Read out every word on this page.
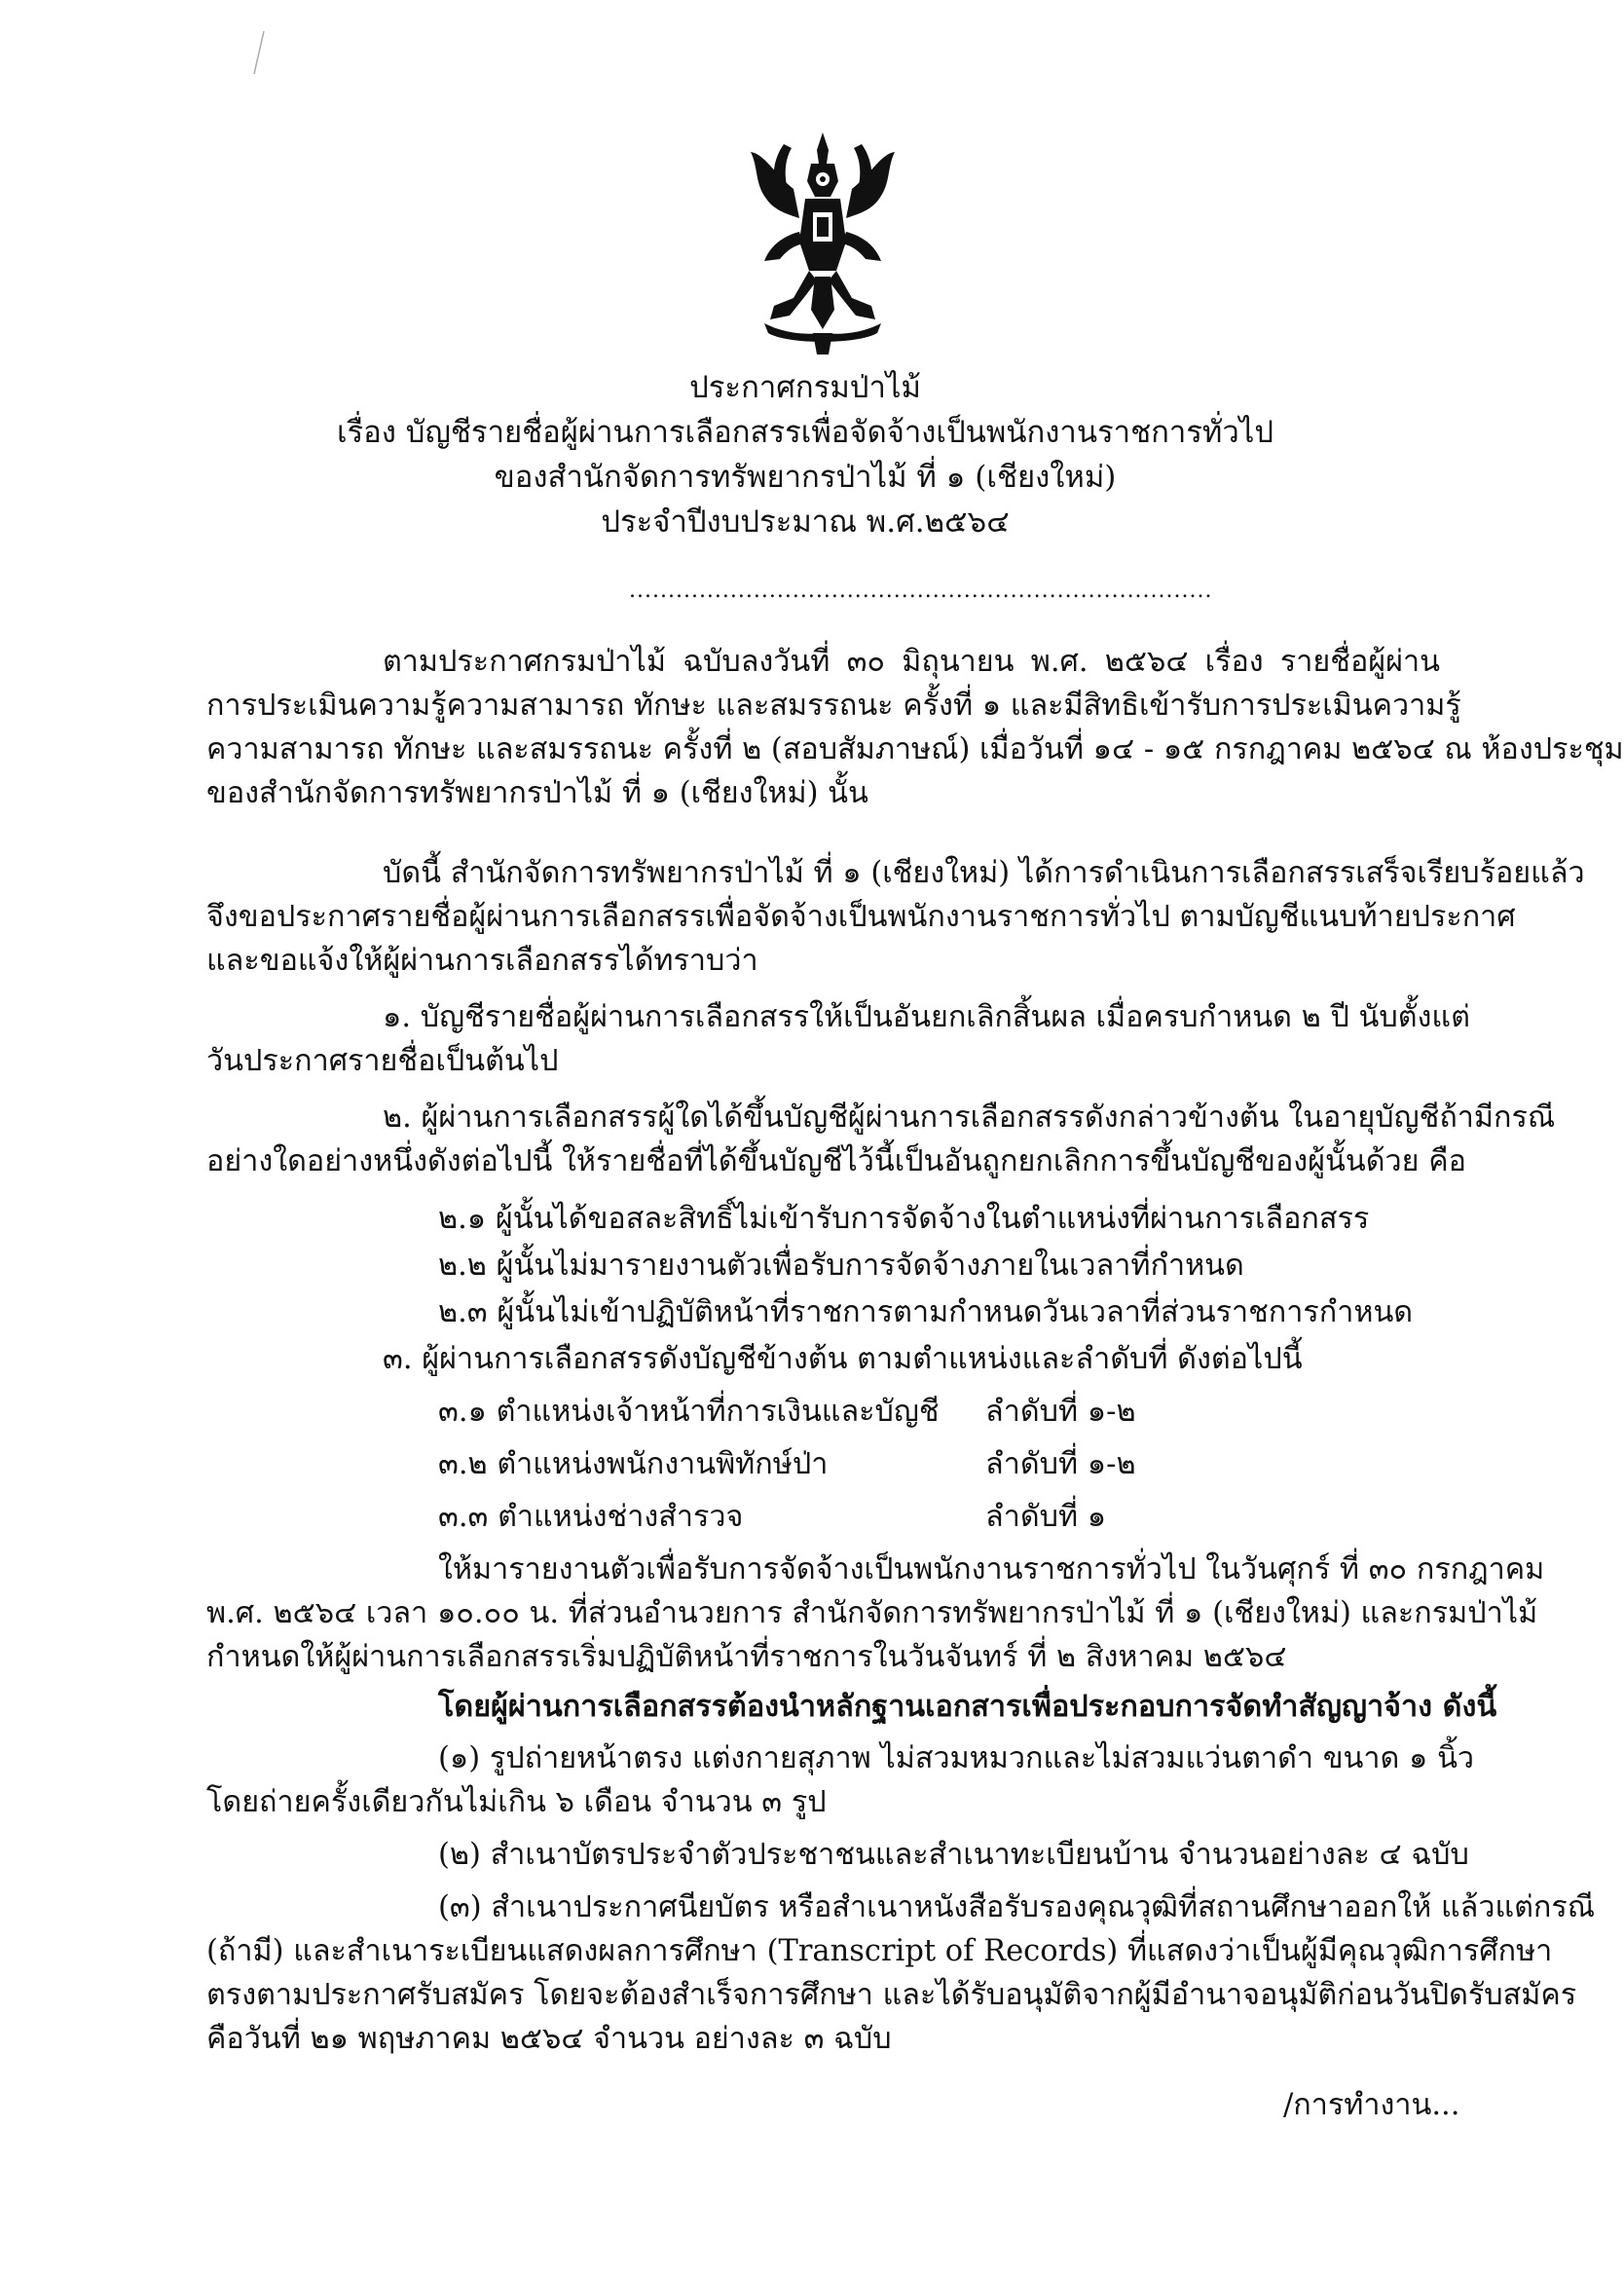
ประกาศกรมป่าไม้
เรื่อง บัญชีรายชื่อผู้ผ่านการเลือกสรรเพื่อจัดจ้างเป็นพนักงานราชการทั่วไป
ของสำนักจัดการทรัพยากรป่าไม้ ที่ ๑ (เชียงใหม่)
ประจำปีงบประมาณ พ.ศ.๒๕๖๔
...........................................................................
ตามประกาศกรมป่าไม้ ฉบับลงวันที่ ๓๐ มิถุนายน พ.ศ. ๒๕๖๔ เรื่อง รายชื่อผู้ผ่าน
การประเมินความรู้ความสามารถ ทักษะ และสมรรถนะ ครั้งที่ ๑ และมีสิทธิเข้ารับการประเมินความรู้
ความสามารถ ทักษะ และสมรรถนะ ครั้งที่ ๒ (สอบสัมภาษณ์) เมื่อวันที่ ๑๔ - ๑๕ กรกฎาคม ๒๕๖๔ ณ ห้องประชุม
ของสำนักจัดการทรัพยากรป่าไม้ ที่ ๑ (เชียงใหม่) นั้น
บัดนี้ สำนักจัดการทรัพยากรป่าไม้ ที่ ๑ (เชียงใหม่) ได้การดำเนินการเลือกสรรเสร็จเรียบร้อยแล้ว
จึงขอประกาศรายชื่อผู้ผ่านการเลือกสรรเพื่อจัดจ้างเป็นพนักงานราชการทั่วไป ตามบัญชีแนบท้ายประกาศ
และขอแจ้งให้ผู้ผ่านการเลือกสรรได้ทราบว่า
๑. บัญชีรายชื่อผู้ผ่านการเลือกสรรให้เป็นอันยกเลิกสิ้นผล เมื่อครบกำหนด ๒ ปี นับตั้งแต่
วันประกาศรายชื่อเป็นต้นไป
๒. ผู้ผ่านการเลือกสรรผู้ใดได้ขึ้นบัญชีผู้ผ่านการเลือกสรรดังกล่าวข้างต้น ในอายุบัญชีถ้ามีกรณี
อย่างใดอย่างหนึ่งดังต่อไปนี้ ให้รายชื่อที่ได้ขึ้นบัญชีไว้นี้เป็นอันถูกยกเลิกการขึ้นบัญชีของผู้นั้นด้วย คือ
๒.๑ ผู้นั้นได้ขอสละสิทธิ์ไม่เข้ารับการจัดจ้างในตำแหน่งที่ผ่านการเลือกสรร
๒.๒ ผู้นั้นไม่มารายงานตัวเพื่อรับการจัดจ้างภายในเวลาที่กำหนด
๒.๓ ผู้นั้นไม่เข้าปฏิบัติหน้าที่ราชการตามกำหนดวันเวลาที่ส่วนราชการกำหนด
๓. ผู้ผ่านการเลือกสรรดังบัญชีข้างต้น ตามตำแหน่งและลำดับที่ ดังต่อไปนี้
๓.๑ ตำแหน่งเจ้าหน้าที่การเงินและบัญชี ลำดับที่ ๑-๒
๓.๒ ตำแหน่งพนักงานพิทักษ์ป่า	ลำดับที่ ๑-๒
๓.๓ ตำแหน่งช่างสำรวจ	ลำดับที่ ๑
ให้มารายงานตัวเพื่อรับการจัดจ้างเป็นพนักงานราชการทั่วไป ในวันศุกร์ ที่ ๓๐ กรกฎาคม
พ.ศ. ๒๕๖๔ เวลา ๑๐.๐๐ น. ที่ส่วนอำนวยการ สำนักจัดการทรัพยากรป่าไม้ ที่ ๑ (เชียงใหม่) และกรมป่าไม้
กำหนดให้ผู้ผ่านการเลือกสรรเริ่มปฏิบัติหน้าที่ราชการในวันจันทร์ ที่ ๒ สิงหาคม ๒๕๖๔
โดยผู้ผ่านการเลือกสรรต้องนำหลักฐานเอกสารเพื่อประกอบการจัดทำสัญญาจ้าง ดังนี้
(๑) รูปถ่ายหน้าตรง แต่งกายสุภาพ ไม่สวมหมวกและไม่สวมแว่นตาดำ ขนาด ๑ นิ้ว
โดยถ่ายครั้งเดียวกันไม่เกิน ๖ เดือน จำนวน ๓ รูป
(๒) สำเนาบัตรประจำตัวประชาชนและสำเนาทะเบียนบ้าน จำนวนอย่างละ ๔ ฉบับ
(๓) สำเนาประกาศนียบัตร หรือสำเนาหนังสือรับรองคุณวุฒิที่สถานศึกษาออกให้ แล้วแต่กรณี
(ถ้ามี) และสำเนาระเบียนแสดงผลการศึกษา (Transcript of Records) ที่แสดงว่าเป็นผู้มีคุณวุฒิการศึกษา
ตรงตามประกาศรับสมัคร โดยจะต้องสำเร็จการศึกษา และได้รับอนุมัติจากผู้มีอำนาจอนุมัติก่อนวันปิดรับสมัคร
คือวันที่ ๒๑ พฤษภาคม ๒๕๖๔ จำนวน อย่างละ ๓ ฉบับ
/การทำงาน...
